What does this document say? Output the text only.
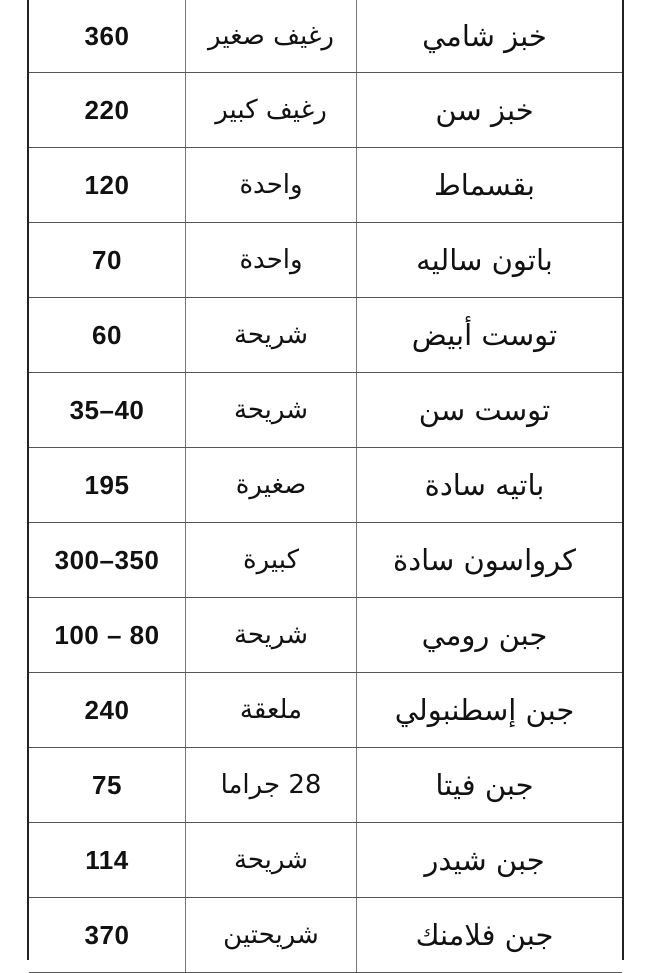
360	رغيف صغير	خبز شامي
220	رغيف كبير	خبز سن
120	واحدة	بقسماط
70	واحدة	باتون ساليه
60	شريحة	توست أبيض
35–40	شريحة	توست سن
195	صغيرة	باتيه سادة
300–350	كبيرة	كرواسون سادة
100 – 80	شريحة	جبن رومي
240	ملعقة	جبن إسطنبولي
75	28 جراما	جبن فيتا
114	شريحة	جبن شيدر
370	شريحتين	جبن فلامنك
